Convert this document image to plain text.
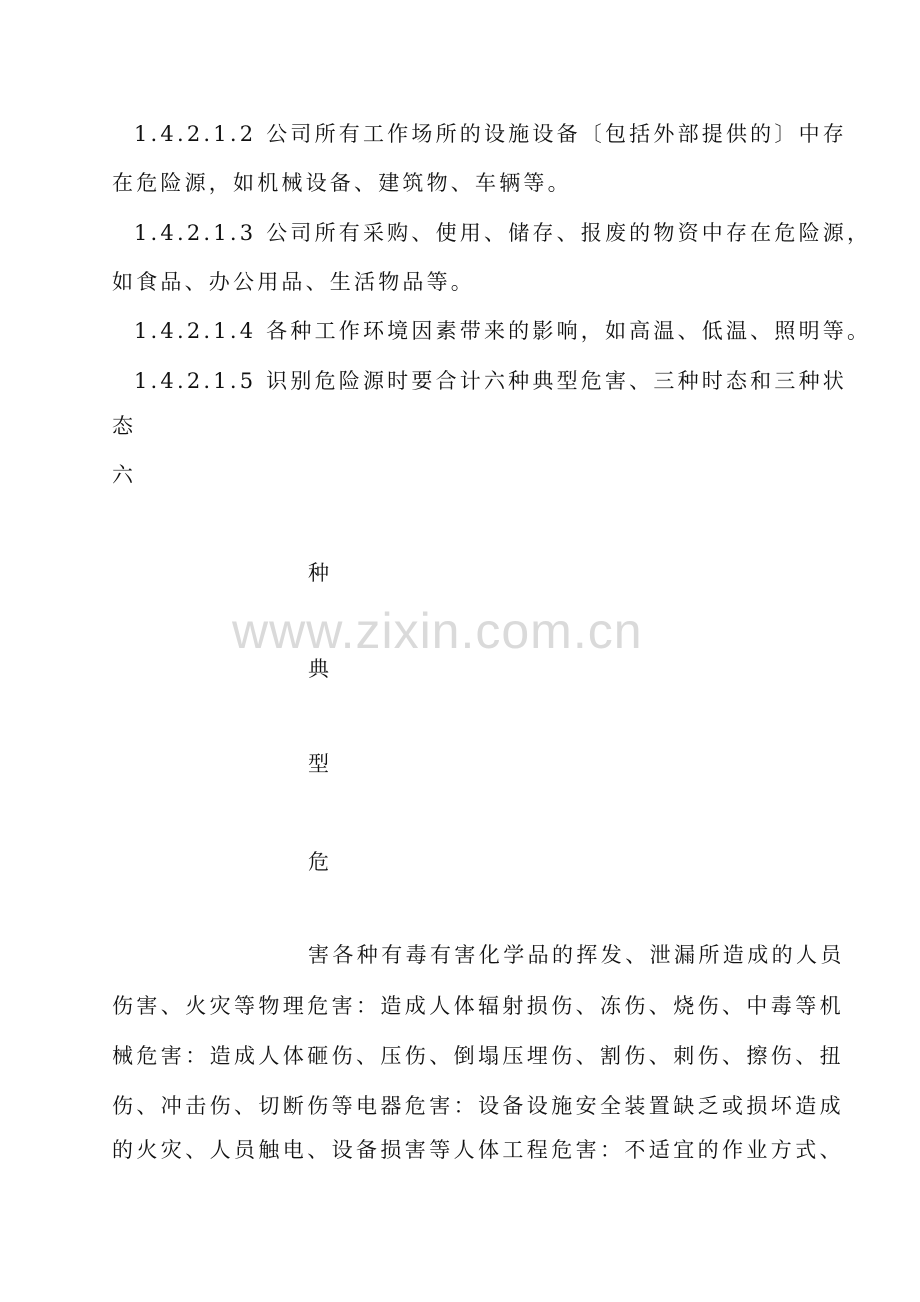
1.4.2.1.2 公司所有工作场所的设施设备〔包括外部提供的〕中存
在危险源，如机械设备、建筑物、车辆等。
1.4.2.1.3 公司所有采购、使用、储存、报废的物资中存在危险源，
如食品、办公用品、生活物品等。
1.4.2.1.4 各种工作环境因素带来的影响，如高温、低温、照明等。
1.4.2.1.5 识别危险源时要合计六种典型危害、三种时态和三种状
态
六
种
典
型
危
害各种有毒有害化学品的挥发、泄漏所造成的人员
伤害、火灾等物理危害：造成人体辐射损伤、冻伤、烧伤、中毒等机
械危害：造成人体砸伤、压伤、倒塌压埋伤、割伤、刺伤、擦伤、扭
伤、冲击伤、切断伤等电器危害：设备设施安全装置缺乏或损坏造成
的火灾、人员触电、设备损害等人体工程危害：不适宜的作业方式、
www.zixin.com.cn
